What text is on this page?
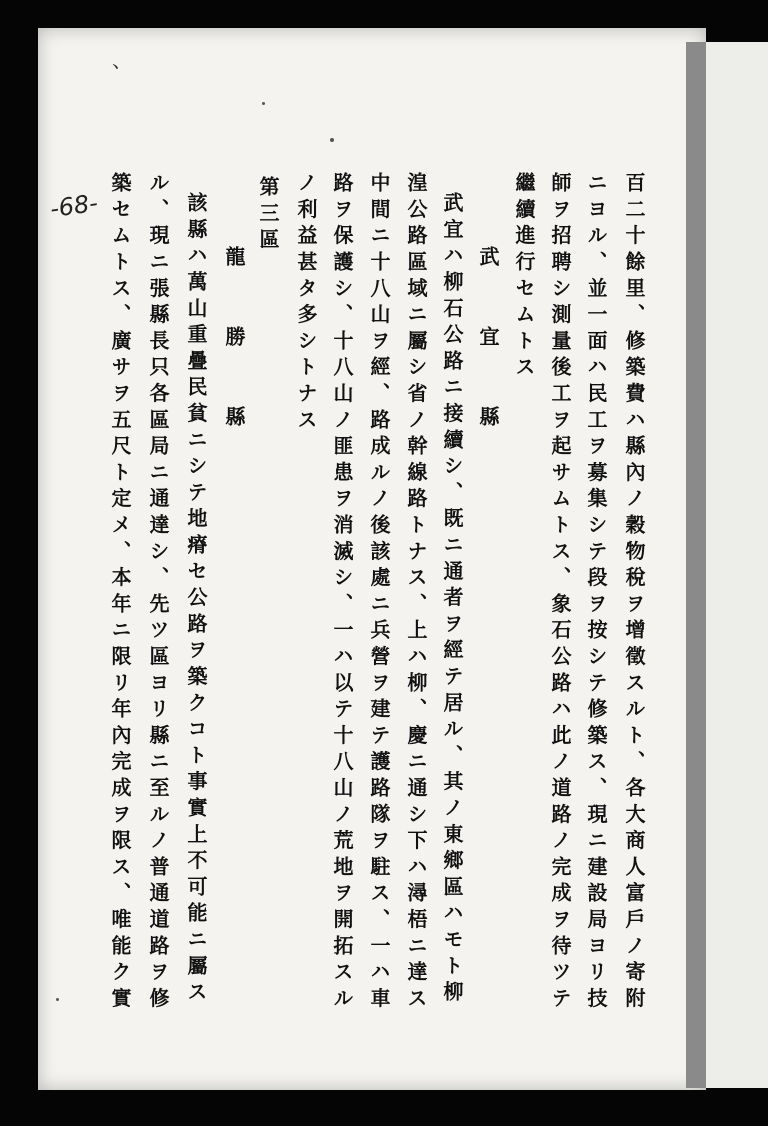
、
-68-	百二十餘里、修築費ハ縣內ノ穀物稅ヲ增徵スルト、各大商人富戶ノ寄附
ニヨル、並一面ハ民工ヲ募集シテ段ヲ按シテ修築ス、現ニ建設局ヨリ技
師ヲ招聘シ測量後工ヲ起サムトス、象石公路ハ此ノ道路ノ完成ヲ待ツテ
繼續進行セムトス
武　宜　縣
武宜ハ柳石公路ニ接續シ、既ニ通者ヲ經テ居ル、其ノ東鄉區ハモト柳
湟公路區域ニ屬シ省ノ幹線路トナス、上ハ柳、慶ニ通シ下ハ潯梧ニ達ス
中間ニ十八山ヲ經、路成ルノ後該處ニ兵營ヲ建テ護路隊ヲ駐ス、一ハ車
路ヲ保護シ、十八山ノ匪患ヲ消滅シ、一ハ以テ十八山ノ荒地ヲ開拓スル
ノ利益甚タ多シトナス
第三區
龍　勝　縣
該縣ハ萬山重疊民貧ニシテ地瘠セ公路ヲ築クコト事實上不可能ニ屬ス
ル、現ニ張縣長只各區局ニ通達シ、先ツ區ヨリ縣ニ至ルノ普通道路ヲ修
築セムトス、廣サヲ五尺ト定メ、本年ニ限リ年內完成ヲ限ス、唯能ク實
